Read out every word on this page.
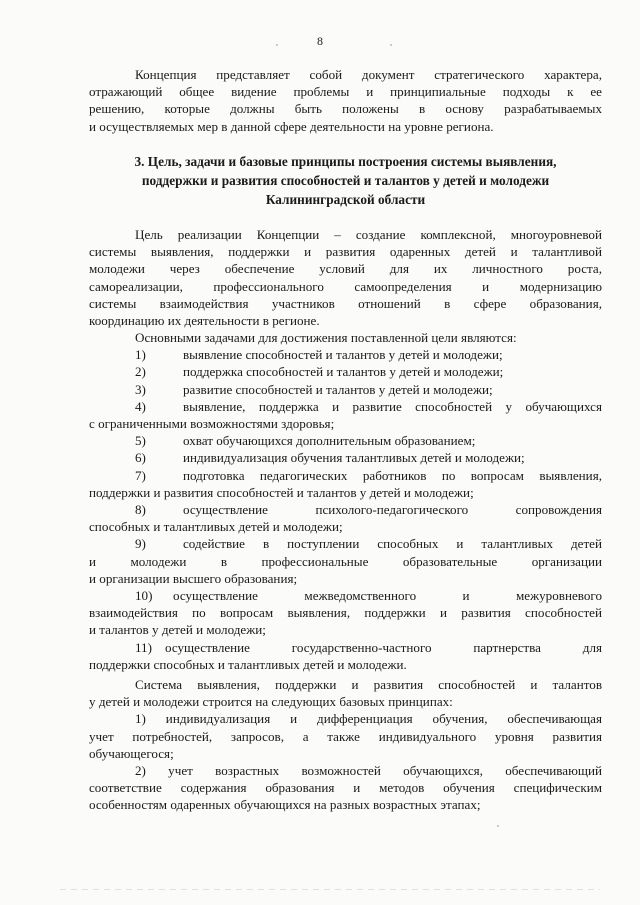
8
Концепция представляет собой документ стратегического характера,
отражающий общее видение проблемы и принципиальные подходы к ее
решению, которые должны быть положены в основу разрабатываемых
и осуществляемых мер в данной сфере деятельности на уровне региона.
3. Цель, задачи и базовые принципы построения системы выявления,
поддержки и развития способностей и талантов у детей и молодежи
Калининградской области
Цель реализации Концепции – создание комплексной, многоуровневой
системы выявления, поддержки и развития одаренных детей и талантливой
молодежи через обеспечение условий для их личностного роста,
самореализации, профессионального самоопределения и модернизацию
системы взаимодействия участников отношений в сфере образования,
координацию их деятельности в регионе.
Основными задачами для достижения поставленной цели являются:
1)	выявление способностей и талантов у детей и молодежи;
2)	поддержка способностей и талантов у детей и молодежи;
3)	развитие способностей и талантов у детей и молодежи;
4)	выявление, поддержка и развитие способностей у обучающихся
с ограниченными возможностями здоровья;
5)	охват обучающихся дополнительным образованием;
6)	индивидуализация обучения талантливых детей и молодежи;
7)	подготовка педагогических работников по вопросам выявления,
поддержки и развития способностей и талантов у детей и молодежи;
8)	осуществление психолого-педагогического сопровождения
способных и талантливых детей и молодежи;
9)	содействие в поступлении способных и талантливых детей
и молодежи в профессиональные образовательные организации
и организации высшего образования;
10) осуществление межведомственного и межуровневого
взаимодействия по вопросам выявления, поддержки и развития способностей
и талантов у детей и молодежи;
11) осуществление государственно-частного партнерства для
поддержки способных и талантливых детей и молодежи.
Система выявления, поддержки и развития способностей и талантов
у детей и молодежи строится на следующих базовых принципах:
1) индивидуализация и дифференциация обучения, обеспечивающая
учет потребностей, запросов, а также индивидуального уровня развития
обучающегося;
2) учет возрастных возможностей обучающихся, обеспечивающий
соответствие содержания образования и методов обучения специфическим
особенностям одаренных обучающихся на разных возрастных этапах;
